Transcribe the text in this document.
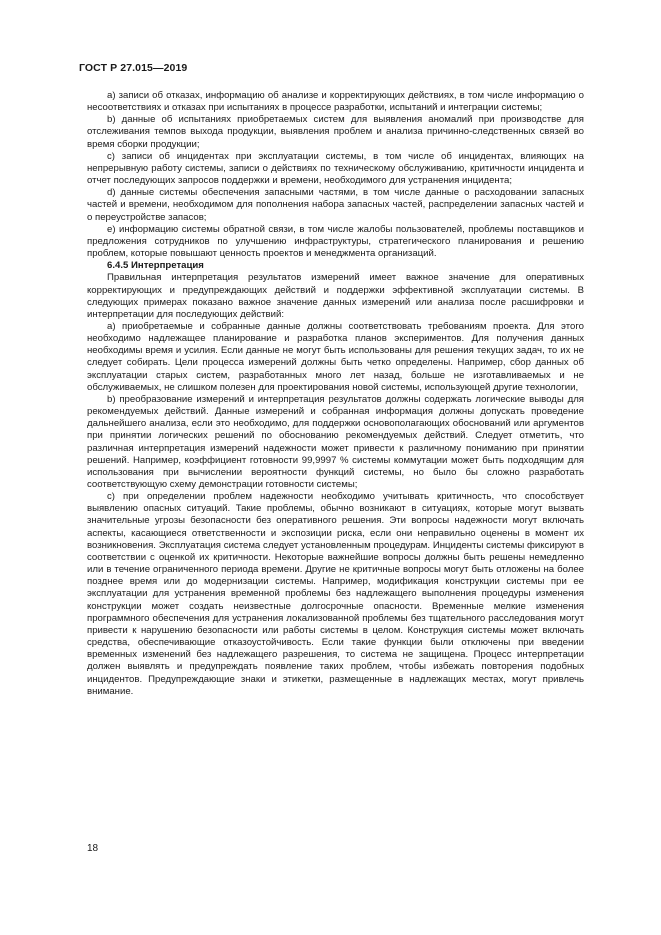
ГОСТ Р 27.015—2019

а) записи об отказах, информацию об анализе и корректирующих действиях, в том числе информацию о несоответствиях и отказах при испытаниях в процессе разработки, испытаний и интеграции системы;

b) данные об испытаниях приобретаемых систем для выявления аномалий при производстве для отслеживания темпов выхода продукции, выявления проблем и анализа причинно-следственных связей во время сборки продукции;

c) записи об инцидентах при эксплуатации системы, в том числе об инцидентах, влияющих на непрерывную работу системы, записи о действиях по техническому обслуживанию, критичности инцидента и отчет последующих запросов поддержки и времени, необходимого для устранения инцидента;

d) данные системы обеспечения запасными частями, в том числе данные о расходовании запасных частей и времени, необходимом для пополнения набора запасных частей, распределении запасных частей и о переустройстве запасов;

е) информацию системы обратной связи, в том числе жалобы пользователей, проблемы поставщиков и предложения сотрудников по улучшению инфраструктуры, стратегического планирования и решению проблем, которые повышают ценность проектов и менеджмента организаций.

6.4.5 Интерпретация

Правильная интерпретация результатов измерений имеет важное значение для оперативных корректирующих и предупреждающих действий и поддержки эффективной эксплуатации системы. В следующих примерах показано важное значение данных измерений или анализа после расшифровки и интерпретации для последующих действий:

а) приобретаемые и собранные данные должны соответствовать требованиям проекта. Для этого необходимо надлежащее планирование и разработка планов экспериментов. Для получения данных необходимы время и усилия. Если данные не могут быть использованы для решения текущих задач, то их не следует собирать. Цели процесса измерений должны быть четко определены. Например, сбор данных об эксплуатации старых систем, разработанных много лет назад, больше не изготавливаемых и не обслуживаемых, не слишком полезен для проектирования новой системы, использующей другие технологии,

b) преобразование измерений и интерпретация результатов должны содержать логические выводы для рекомендуемых действий. Данные измерений и собранная информация должны допускать проведение дальнейшего анализа, если это необходимо, для поддержки основополагающих обоснований или аргументов при принятии логических решений по обоснованию рекомендуемых действий. Следует отметить, что различная интерпретация измерений надежности может привести к различному пониманию при принятии решений. Например, коэффициент готовности 99,9997 % системы коммутации может быть подходящим для использования при вычислении вероятности функций системы, но было бы сложно разработать соответствующую схему демонстрации готовности системы;

c) при определении проблем надежности необходимо учитывать критичность, что способствует выявлению опасных ситуаций. Такие проблемы, обычно возникают в ситуациях, которые могут вызвать значительные угрозы безопасности без оперативного решения. Эти вопросы надежности могут включать аспекты, касающиеся ответственности и экспозиции риска, если они неправильно оценены в момент их возникновения. Эксплуатация система следует установленным процедурам. Инциденты системы фиксируют в соответствии с оценкой их критичности. Некоторые важнейшие вопросы должны быть решены немедленно или в течение ограниченного периода времени. Другие не критичные вопросы могут быть отложены на более позднее время или до модернизации системы. Например, модификация конструкции системы при ее эксплуатации для устранения временной проблемы без надлежащего выполнения процедуры изменения конструкции может создать неизвестные долгосрочные опасности. Временные мелкие изменения программного обеспечения для устранения локализованной проблемы без тщательного расследования могут привести к нарушению безопасности или работы системы в целом. Конструкция системы может включать средства, обеспечивающие отказоустойчивость. Если такие функции были отключены при введении временных изменений без надлежащего разрешения, то система не защищена. Процесс интерпретации должен выявлять и предупреждать появление таких проблем, чтобы избежать повторения подобных инцидентов. Предупреждающие знаки и этикетки, размещенные в надлежащих местах, могут привлечь внимание.

18
